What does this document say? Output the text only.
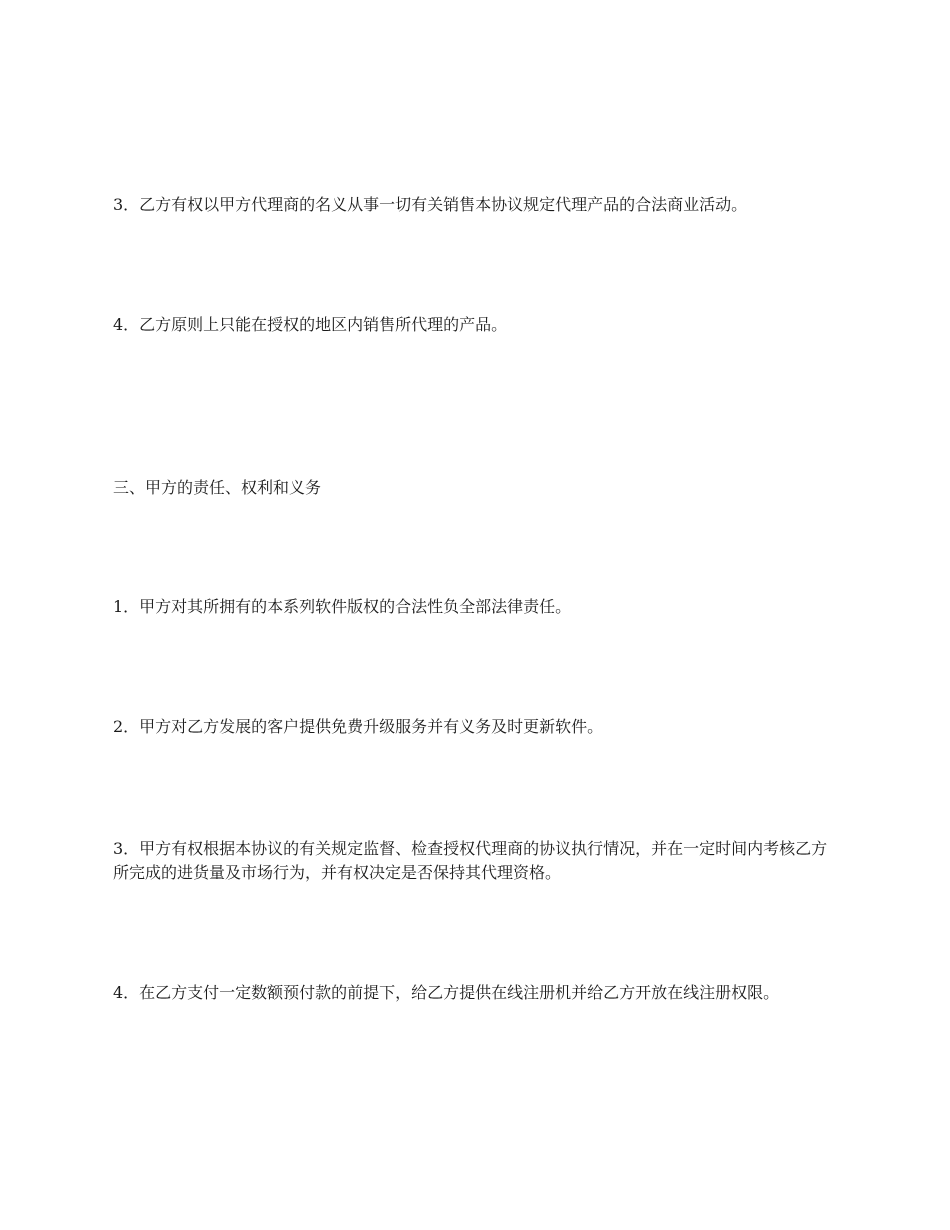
3．乙方有权以甲方代理商的名义从事一切有关销售本协议规定代理产品的合法商业活动。

4．乙方原则上只能在授权的地区内销售所代理的产品。

三、甲方的责任、权利和义务

1．甲方对其所拥有的本系列软件版权的合法性负全部法律责任。

2．甲方对乙方发展的客户提供免费升级服务并有义务及时更新软件。

3．甲方有权根据本协议的有关规定监督、检查授权代理商的协议执行情况，并在一定时间内考核乙方所完成的进货量及市场行为，并有权决定是否保持其代理资格。

4．在乙方支付一定数额预付款的前提下，给乙方提供在线注册机并给乙方开放在线注册权限。
